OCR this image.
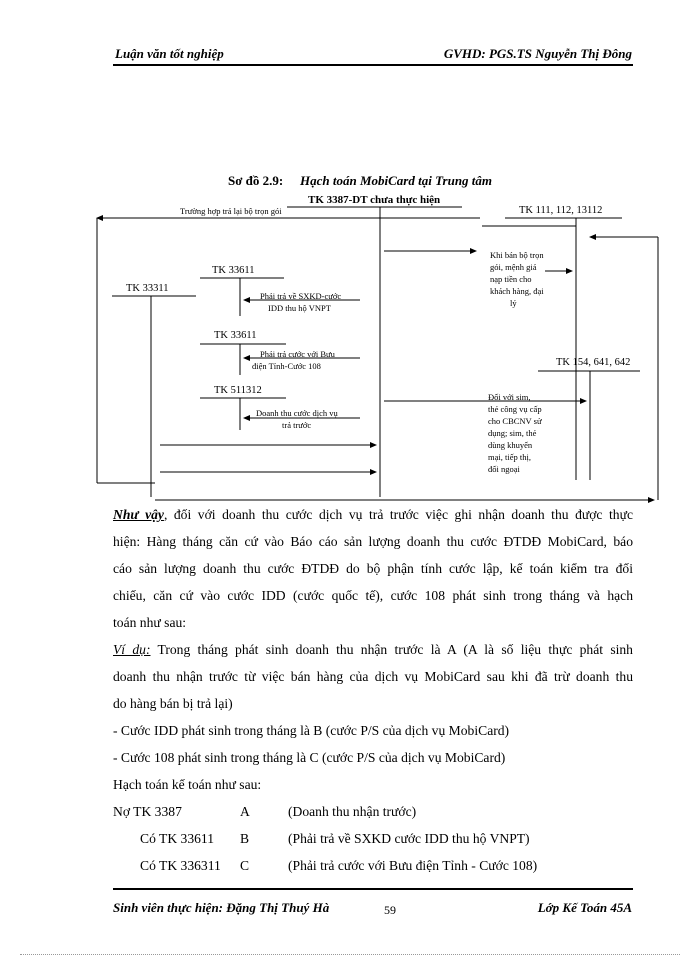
Luận văn tốt nghiệp	GVHD: PGS.TS Nguyễn Thị Đông
Sơ đồ 2.9: Hạch toán MobiCard tại Trung tâm
TK 3387-DT chưa thực hiện
TK 111, 112, 13112
Trường hợp trả lại bộ trọn gói
Khi bán bộ trọn gói, mệnh giá nạp tiền cho khách hàng, đại lý
TK 33311
TK 33611
Phải trả về SXKD-cước IDD thu hộ VNPT
TK 33611
Phải trả cước với Bưu điện Tỉnh-Cước 108
TK 511312
Doanh thu cước dịch vụ trả trước
TK 154, 641, 642
Đối với sim, thẻ công vụ cấp cho CBCNV sử dụng; sim, thẻ dùng khuyến mại, tiếp thị, đối ngoại
Như vậy, đối với doanh thu cước dịch vụ trả trước việc ghi nhận doanh thu được thực
hiện: Hàng tháng căn cứ vào Báo cáo sản lượng doanh thu cước ĐTDĐ MobiCard, báo
cáo sản lượng doanh thu cước ĐTDĐ do bộ phận tính cước lập, kế toán kiểm tra đối
chiếu, căn cứ vào cước IDD (cước quốc tế), cước 108 phát sinh trong tháng và hạch
toán như sau:
Ví dụ: Trong tháng phát sinh doanh thu nhận trước là A (A là số liệu thực phát sinh
doanh thu nhận trước từ việc bán hàng của dịch vụ MobiCard sau khi đã trừ doanh thu
do hàng bán bị trả lại)
- Cước IDD phát sinh trong tháng là B (cước P/S của dịch vụ MobiCard)
- Cước 108 phát sinh trong tháng là C (cước P/S của dịch vụ MobiCard)
Hạch toán kế toán như sau:
Nợ TK 3387	A	(Doanh thu nhận trước)
Có TK 33611 B	(Phải trả về SXKD cước IDD thu hộ VNPT)
Có TK 336311 C	(Phải trả cước với Bưu điện Tỉnh - Cước 108)
Sinh viên thực hiện: Đặng Thị Thuý Hà	59	Lớp Kế Toán 45A
